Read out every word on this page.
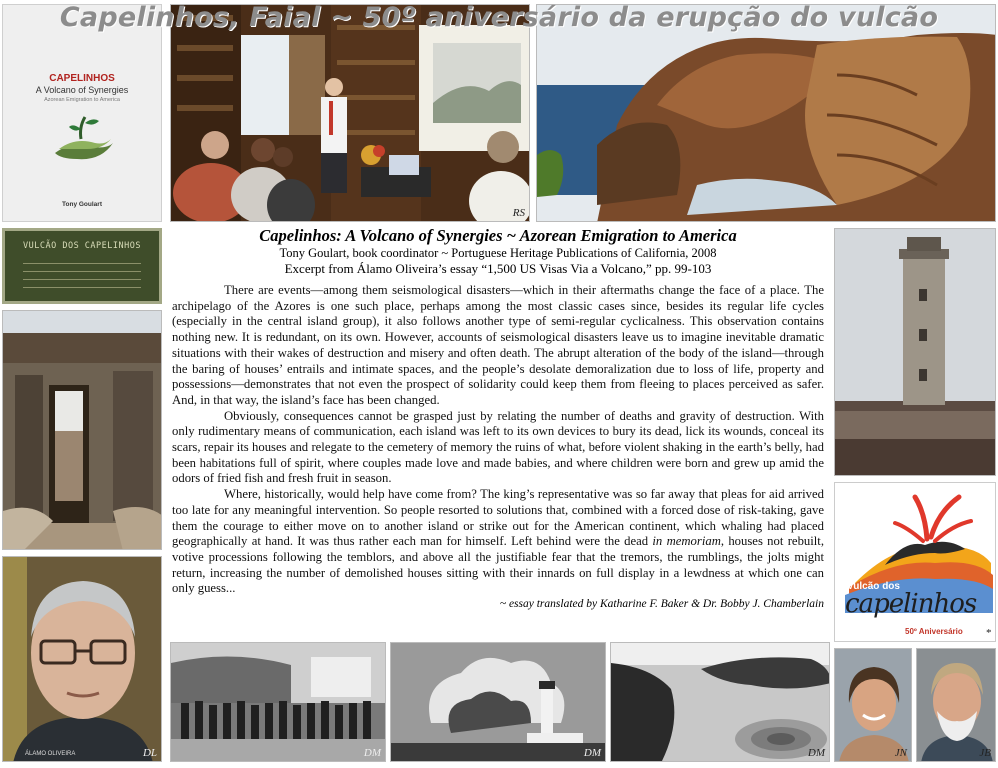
Capelinhos, Faial ~ 50º aniversário da erupção do vulcão
CAPELINHOS
A Volcano of Synergies
Azorean Emigration to America
Tony Goulart
RS
VULCÃO DOS CAPELINHOS
ÁLAMO OLIVEIRA	DL
Capelinhos: A Volcano of Synergies ~ Azorean Emigration to America
Tony Goulart, book coordinator ~ Portuguese Heritage Publications of California, 2008
Excerpt from Álamo Oliveira’s essay “1,500 US Visas Via a Volcano,” pp. 99-103

There are events—among them seismological disasters—which in their aftermaths change the face of a place. The archipelago of the Azores is one such place, perhaps among the most classic cases since, besides its regular life cycles (especially in the central island group), it also follows another type of semi-regular cyclicalness. This observation contains nothing new. It is redundant, on its own. However, accounts of seismological disasters leave us to imagine inevitable dramatic situations with their wakes of destruction and misery and often death. The abrupt alteration of the body of the island—through the baring of houses’ entrails and intimate spaces, and the people’s desolate demoralization due to loss of life, property and possessions—demonstrates that not even the prospect of solidarity could keep them from fleeing to places perceived as safer. And, in that way, the island’s face has been changed.

Obviously, consequences cannot be grasped just by relating the number of deaths and gravity of destruction. With only rudimentary means of communication, each island was left to its own devices to bury its dead, lick its wounds, conceal its scars, repair its houses and relegate to the cemetery of memory the ruins of what, before violent shaking in the earth’s belly, had been habitations full of spirit, where couples made love and made babies, and where children were born and grew up amid the odors of fried fish and fresh fruit in season.

Where, historically, would help have come from? The king’s representative was so far away that pleas for aid arrived too late for any meaningful intervention. So people resorted to solutions that, combined with a forced dose of risk-taking, gave them the courage to either move on to another island or strike out for the American continent, which whaling had placed geographically at hand. It was thus rather each man for himself. Left behind were the dead in memoriam, houses not rebuilt, votive processions following the temblors, and above all the justifiable fear that the tremors, the rumblings, the jolts might return, increasing the number of demolished houses sitting with their innards on full display in a lewdness at which one can only guess...

~ essay translated by Katharine F. Baker & Dr. Bobby J. Chamberlain
Vulcão dos
capelinhos
50º Aniversário *
DM	DM	DM	JN	JB
